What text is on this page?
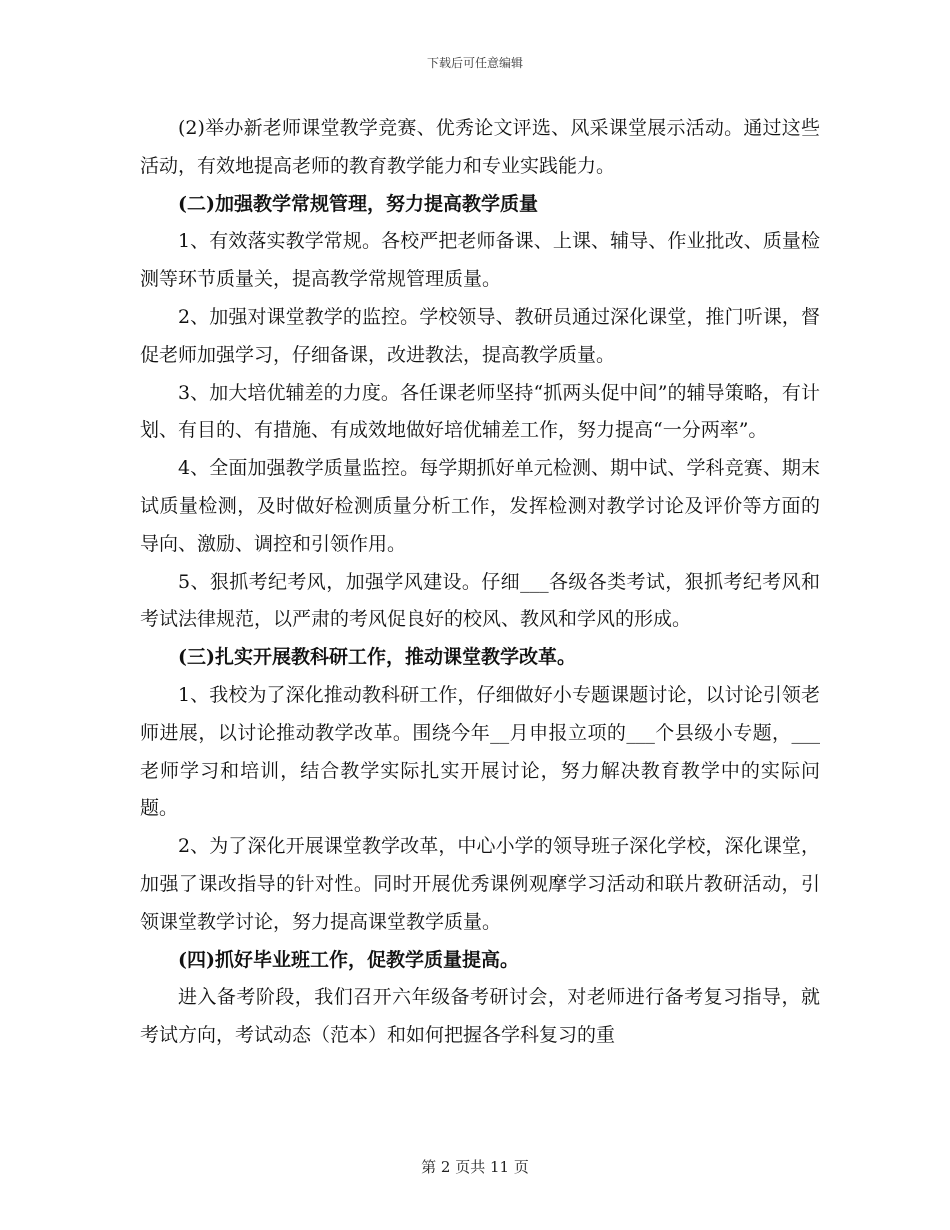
下载后可任意编辑

(2)举办新老师课堂教学竞赛、优秀论文评选、风采课堂展示活动。通过这些活动，有效地提高老师的教育教学能力和专业实践能力。

(二)加强教学常规管理，努力提高教学质量

1、有效落实教学常规。各校严把老师备课、上课、辅导、作业批改、质量检测等环节质量关，提高教学常规管理质量。

2、加强对课堂教学的监控。学校领导、教研员通过深化课堂，推门听课，督促老师加强学习，仔细备课，改进教法，提高教学质量。

3、加大培优辅差的力度。各任课老师坚持“抓两头促中间”的辅导策略，有计划、有目的、有措施、有成效地做好培优辅差工作，努力提高“一分两率”。

4、全面加强教学质量监控。每学期抓好单元检测、期中试、学科竞赛、期末试质量检测，及时做好检测质量分析工作，发挥检测对教学讨论及评价等方面的导向、激励、调控和引领作用。

5、狠抓考纪考风，加强学风建设。仔细___各级各类考试，狠抓考纪考风和考试法律规范，以严肃的考风促良好的校风、教风和学风的形成。

(三)扎实开展教科研工作，推动课堂教学改革。

1、我校为了深化推动教科研工作，仔细做好小专题课题讨论，以讨论引领老师进展，以讨论推动教学改革。围绕今年__月申报立项的___个县级小专题，___老师学习和培训，结合教学实际扎实开展讨论，努力解决教育教学中的实际问题。

2、为了深化开展课堂教学改革，中心小学的领导班子深化学校，深化课堂，加强了课改指导的针对性。同时开展优秀课例观摩学习活动和联片教研活动，引领课堂教学讨论，努力提高课堂教学质量。

(四)抓好毕业班工作，促教学质量提高。

进入备考阶段，我们召开六年级备考研讨会，对老师进行备考复习指导，就考试方向，考试动态（范本）和如何把握各学科复习的重

第 2 页共 11 页
